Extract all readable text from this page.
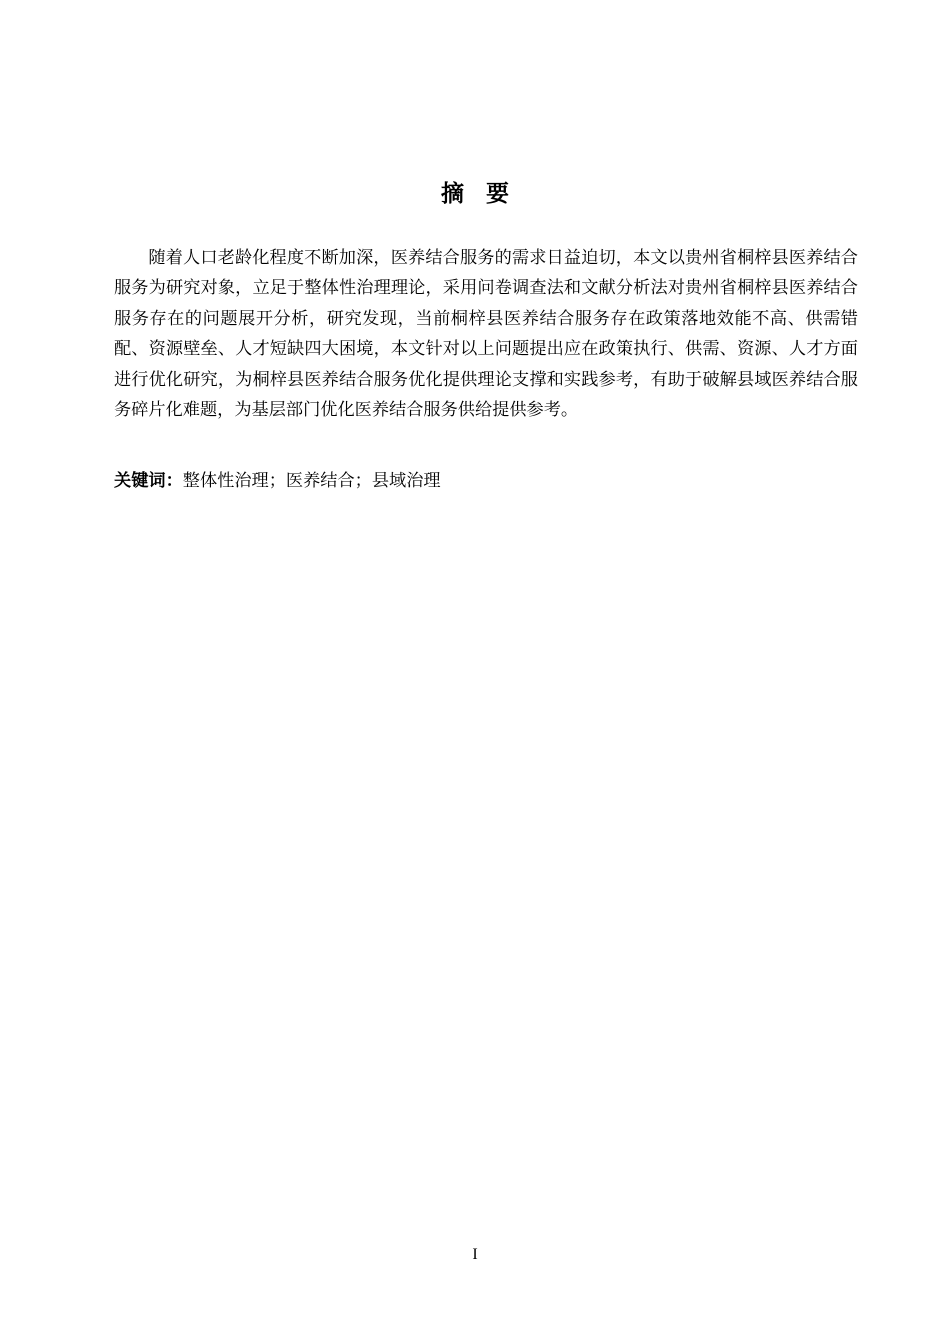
摘 要

随着人口老龄化程度不断加深，医养结合服务的需求日益迫切，本文以贵州省桐梓县医养结合服务为研究对象，立足于整体性治理理论，采用问卷调查法和文献分析法对贵州省桐梓县医养结合服务存在的问题展开分析，研究发现，当前桐梓县医养结合服务存在政策落地效能不高、供需错配、资源壁垒、人才短缺四大困境，本文针对以上问题提出应在政策执行、供需、资源、人才方面进行优化研究，为桐梓县医养结合服务优化提供理论支撑和实践参考，有助于破解县域医养结合服务碎片化难题，为基层部门优化医养结合服务供给提供参考。

关键词：整体性治理；医养结合；县域治理
I
